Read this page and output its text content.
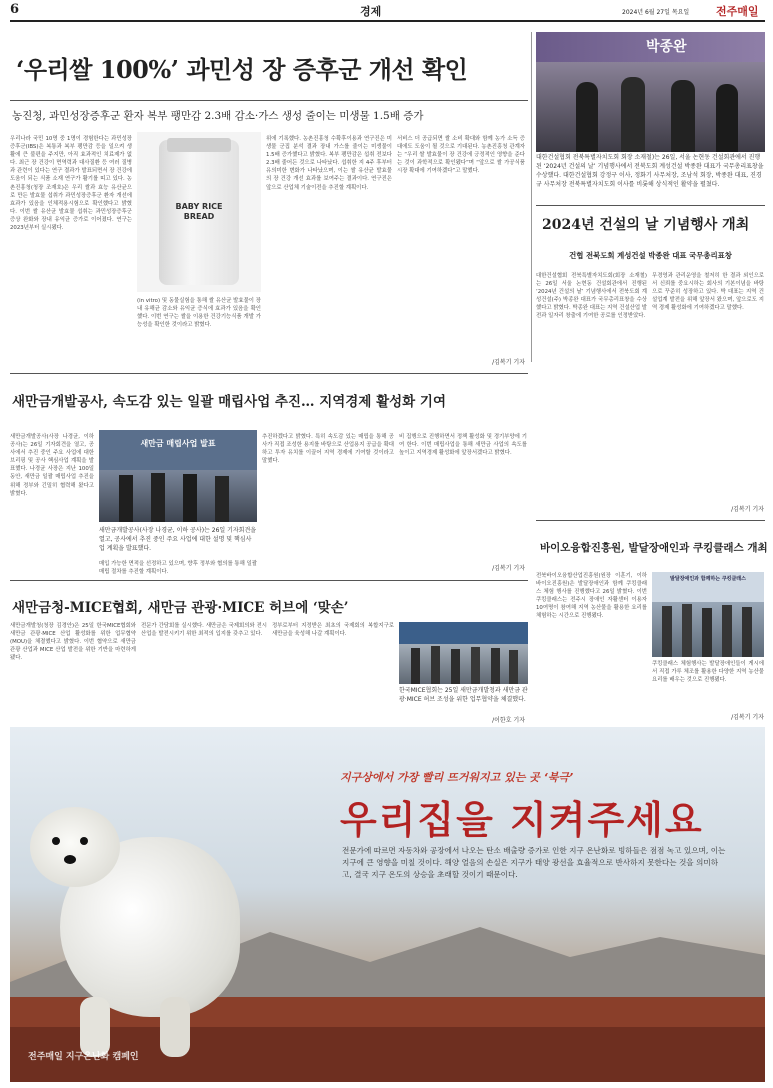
6	경제	2024년 6월 27일 목요일 전주매일
‘우리쌀 100%’ 과민성 장 증후군 개선 확인
농진청, 과민성장증후군 환자 복부 팽만감 2.3배 감소·가스 생성 줄이는 미생물 1.5배 증가
우리나라 국민 10명 중 1명이 경험한다는 과민성장증후군(IBS)은 복통과 복부 팽만감 등을 일으켜 생활에 큰 불편을 주지만, 아직 효과적인 치료제가 없다. 최근 장 건강이 면역력과 대사질환 등 여러 질병과 관련이 있다는 연구 결과가 발표되면서 장 건강에 도움이 되는 식품 소재 연구가 활기를 띠고 있다. 농촌진흥청(청장 조재호)은 우리 쌀과 효능 유산균으로 만든 발효물 섭취가 과민성장증후군 환자 개선에 효과가 있음을 인체적용시험으로 확인했다고 밝혔다. 이번 쌀 유산균 발효물 섭취는 과민성장증후군 증상 완화와 장내 유익균 증가로 이어졌다. 연구는 2023년부터 실시됐다.
BABY RICE BREAD
(in vitro) 및 동물실험을 통해 쌀 유산균 발효물이 장내 유해균 감소와 유익균 증식에 효과가 있음을 확인했다. 이번 연구는 쌀을 이용한 건강기능식품 개발 가능성을 확인한 것이라고 밝혔다.
위에 기록했다. 농촌진흥청 수확후이용과 연구진은 미생물 군집 분석 결과 장내 가스를 줄이는 미생물이 1.5배 증가했다고 밝혔다. 복부 팽만감은 섭취 전보다 2.3배 줄어든 것으로 나타났다. 섭취한 지 4주 후부터 유의미한 변화가 나타났으며, 이는 쌀 유산균 발효물의 장 건강 개선 효과를 보여주는 결과이다. 연구진은 앞으로 산업체 기술이전을 추진할 계획이다.
서비스 더 공급되면 쌀 소비 확대와 함께 농가 소득 증대에도 도움이 될 것으로 기대된다. 농촌진흥청 관계자는 “우리 쌀 발효물이 장 건강에 긍정적인 영향을 준다는 것이 과학적으로 확인됐다”며 “앞으로 쌀 가공식품 시장 확대에 기여하겠다”고 말했다.
/김복기 기자
박종완
대한건설협회 전북특별자치도회 회장 소재철)는 26일, 서울 논현동 건설회관에서 진행된 ‘2024년 건설의 날’ 기념행사에서 전북도회 계성건설 박종완 대표가 국무총리표창을 수상했다. 대한건설협회 강정구 이사, 정화기 사무처장, 조남석 회장, 박종완 대표, 진경규 사무처장 전북특별자치도회 이사를 비롯해 상식적인 활약을 펼쳤다.
2024년 건설의 날 기념행사 개최
건협 전북도회 계성건설 박종완 대표 국무총리표창
대한건설협회 전북특별자치도회(회장 소재철)는 26일 서울 논현동 건설회관에서 진행된 ‘2024년 건설의 날’ 기념행사에서 전북도회 계성건설(주) 박종완 대표가 국무총리표창을 수상했다고 밝혔다. 박종완 대표는 지역 건설산업 발전과 일자리 창출에 기여한 공로를 인정받았다.
무경영과 관리운영을 철저히 한 결과 외인으로서 신뢰를 중요시하는 회사의 기본이념을 바탕으로 꾸준히 성장하고 있다. 박 대표는 지역 건설업계 발전을 위해 앞장서 왔으며, 앞으로도 지역 경제 활성화에 기여하겠다고 말했다.
/김복기 기자
새만금개발공사, 속도감 있는 일괄 매립사업 추진… 지역경제 활성화 기여
새만금개발공사(사장 나경균, 이하 공사)는 26일 기자회견을 열고, 공사에서 추진 중인 주요 사업에 대한 브리핑 및 공사 핵심사업 계획을 발표했다. 나경균 사장은 지난 100일 동안, 새만금 일괄 매립사업 추진을 위해 정부와 긴밀히 협력해 왔다고 밝혔다.
새만금 매립사업 발표
새만금개발공사(사장 나경균, 이하 공사)는 26일 기자회견을 열고, 공사에서 추진 중인 주요 사업에 대한 설명 및 핵심사업 계획을 발표했다.
매입 가능한 면적을 선정하고 있으며, 향후 정부와 협의를 통해 일괄 매립 절차를 추진할 계획이다.
추진하겠다고 밝혔다. 특히 속도감 있는 매립을 통해 공사가 직접 조성한 용지를 바탕으로 산업용지 공급을 확대하고 투자 유치를 이끌어 지역 경제에 기여할 것이라고 말했다.
비 집행으로 진행하면서 정책 활성화 및 경기부양에 기여 한다. 이번 매립사업을 통해 새만금 사업의 속도를 높이고 지역경제 활성화에 앞장서겠다고 밝혔다.
/김복기 기자
바이오융합진흥원, 발달장애인과 쿠킹클래스 개최
전북바이오융합산업진흥원(원장 이훈기, 이하 바이오진흥원)은 발달장애인과 함께 쿠킹클래스 체험 행사를 진행했다고 26일 밝혔다. 이번 쿠킹클래스는 전주시 장애인 자활센터 이용자 10여명이 참여해 지역 농산물을 활용한 요리를 체험하는 시간으로 진행됐다.
발달장애인과 함께하는 쿠킹클래스
쿠킹클래스 체험행사는 발달장애인들이 게시에서 직접 가루 체조를 활용한 다양한 지역 농산물 요리를 배우는 것으로 진행됐다.
/김복기 기자
새만금청-MICE협회, 새만금 관광·MICE 허브에 ‘맞손’
새만금개발청(청장 김경안)은 25일 한국MICE협회와 새만금 관광·MICE 산업 활성화를 위한 업무협약(MOU)을 체결했다고 밝혔다. 이번 협약으로 새만금 관광 산업과 MICE 산업 발전을 위한 기반을 마련하게 됐다.
전문가 간담회를 실시했다. 새만금은 국제회의와 전시 산업을 발전시키기 위한 최적의 입지를 갖추고 있다.
정부로부터 지정받은 최초의 국제회의 복합지구로 새만금을 육성해 나갈 계획이다.
한국MICE협회는 25일 새만금개발청과 새만금 관광·MICE 허브 조성을 위한 업무협약을 체결했다.
/이한호 기자
지구상에서 가장 빨리 뜨거워지고 있는 곳 ‘북극’
우리집을 지켜주세요
전문가에 따르면 자동차와 공장에서 나오는 탄소 배출량 증가로 인한 지구 온난화로 빙하들은 점점 녹고 있으며, 이는 지구에 큰 영향을 미칠 것이다. 해양 얼음의 손실은 지구가 태양 광선을 효율적으로 반사하지 못한다는 것을 의미하고, 결국 지구 온도의 상승을 초래할 것이기 때문이다.
전주매일 지구온난화 캠페인
